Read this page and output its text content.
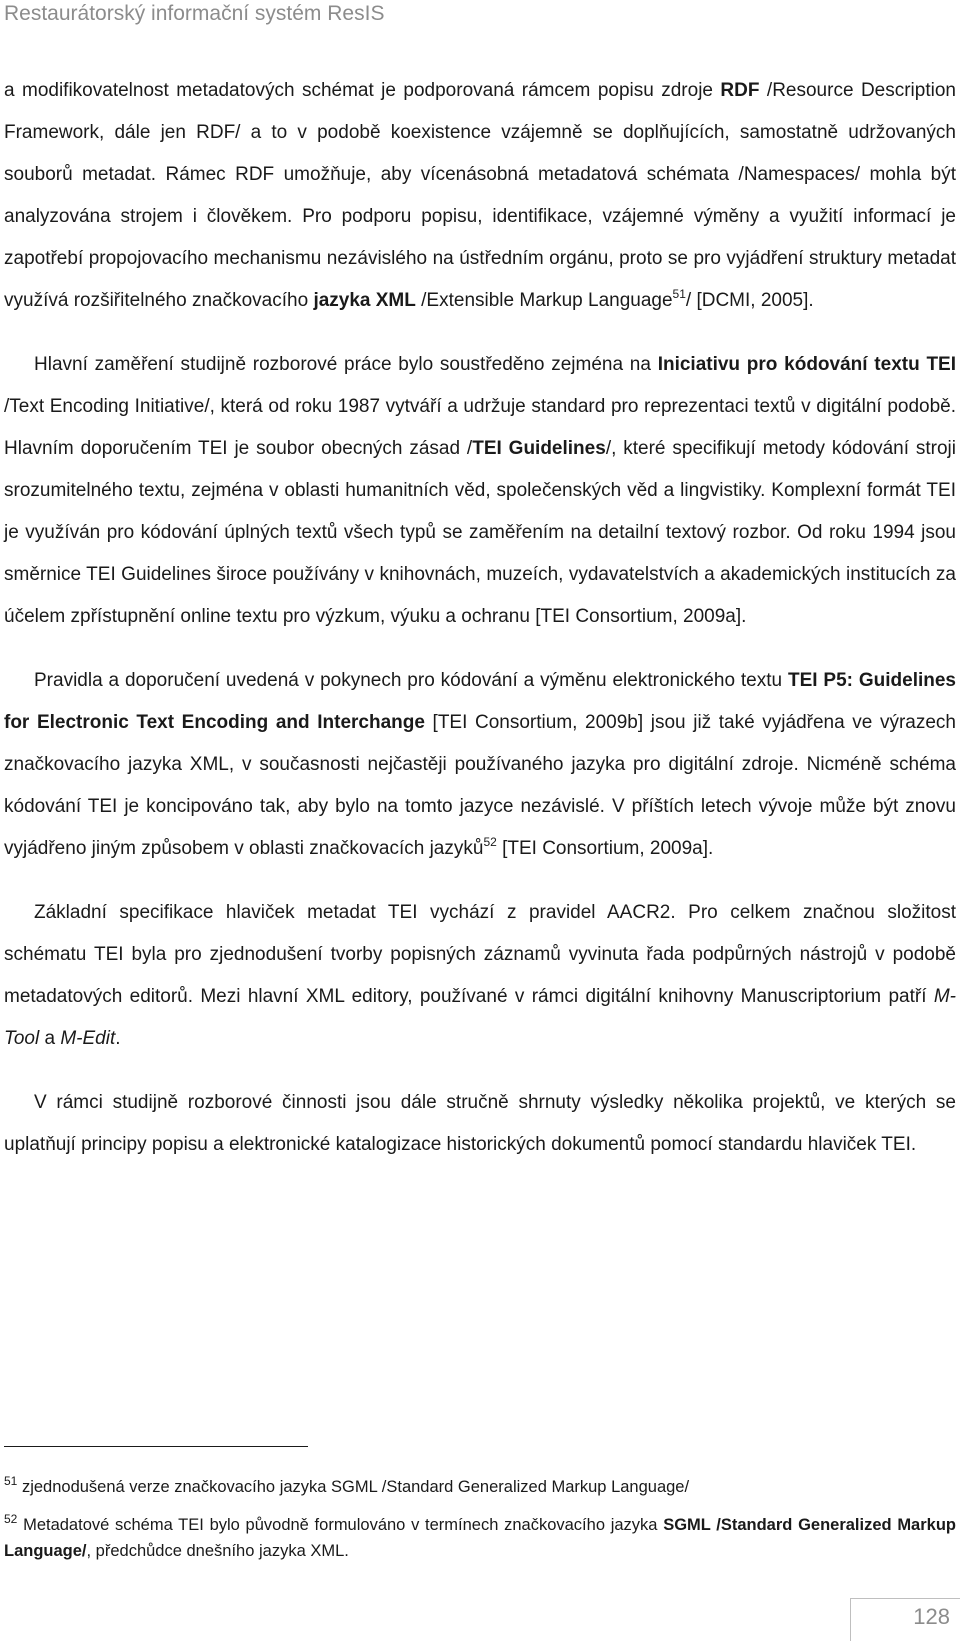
Restaurátorský informační systém ResIS

a modifikovatelnost metadatových schémat je podporovaná rámcem popisu zdroje RDF /Resource Description Framework, dále jen RDF/ a to v podobě koexistence vzájemně se doplňujících, samostatně udržovaných souborů metadat. Rámec RDF umožňuje, aby vícenásobná metadatová schémata /Namespaces/ mohla být analyzována strojem i člověkem. Pro podporu popisu, identifikace, vzájemné výměny a využití informací je zapotřebí propojovacího mechanismu nezávislého na ústředním orgánu, proto se pro vyjádření struktury metadat využívá rozšiřitelného značkovacího jazyka XML /Extensible Markup Language$^{51}$/ [DCMI, 2005].

Hlavní zaměření studijně rozborové práce bylo soustředěno zejména na Iniciativu pro kódování textu TEI /Text Encoding Initiative/, která od roku 1987 vytváří a udržuje standard pro reprezentaci textů v digitální podobě. Hlavním doporučením TEI je soubor obecných zásad /TEI Guidelines/, které specifikují metody kódování stroji srozumitelného textu, zejména v oblasti humanitních věd, společenských věd a lingvistiky. Komplexní formát TEI je využíván pro kódování úplných textů všech typů se zaměřením na detailní textový rozbor. Od roku 1994 jsou směrnice TEI Guidelines široce používány v knihovnách, muzeích, vydavatelstvích a akademických institucích za účelem zpřístupnění online textu pro výzkum, výuku a ochranu [TEI Consortium, 2009a].

Pravidla a doporučení uvedená v pokynech pro kódování a výměnu elektronického textu TEI P5: Guidelines for Electronic Text Encoding and Interchange [TEI Consortium, 2009b] jsou již také vyjádřena ve výrazech značkovacího jazyka XML, v současnosti nejčastěji používaného jazyka pro digitální zdroje. Nicméně schéma kódování TEI je koncipováno tak, aby bylo na tomto jazyce nezávislé. V příštích letech vývoje může být znovu vyjádřeno jiným způsobem v oblasti značkovacích jazyků$^{52}$ [TEI Consortium, 2009a].

Základní specifikace hlaviček metadat TEI vychází z pravidel AACR2. Pro celkem značnou složitost schématu TEI byla pro zjednodušení tvorby popisných záznamů vyvinuta řada podpůrných nástrojů v podobě metadatových editorů. Mezi hlavní XML editory, používané v rámci digitální knihovny Manuscriptorium patří M-Tool a M-Edit.

V rámci studijně rozborové činnosti jsou dále stručně shrnuty výsledky několika projektů, ve kterých se uplatňují principy popisu a elektronické katalogizace historických dokumentů pomocí standardu hlaviček TEI.

$^{51}$ zjednodušená verze značkovacího jazyka SGML /Standard Generalized Markup Language/
$^{52}$ Metadatové schéma TEI bylo původně formulováno v termínech značkovacího jazyka SGML /Standard Generalized Markup Language/, předchůdce dnešního jazyka XML.
128
